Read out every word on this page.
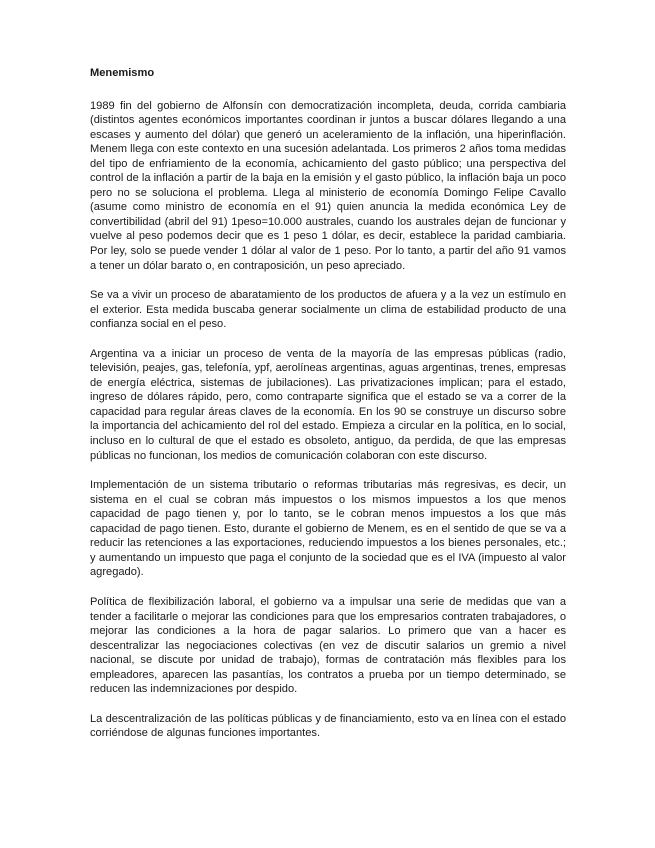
Menemismo

1989 fin del gobierno de Alfonsín con democratización incompleta, deuda, corrida cambiaria (distintos agentes económicos importantes coordinan ir juntos a buscar dólares llegando a una escases y aumento del dólar) que generó un aceleramiento de la inflación, una hiperinflación. Menem llega con este contexto en una sucesión adelantada. Los primeros 2 años toma medidas del tipo de enfriamiento de la economía, achicamiento del gasto público; una perspectiva del control de la inflación a partir de la baja en la emisión y el gasto público, la inflación baja un poco pero no se soluciona el problema. Llega al ministerio de economía Domingo Felipe Cavallo (asume como ministro de economía en el 91) quien anuncia la medida económica Ley de convertibilidad (abril del 91) 1peso=10.000 australes, cuando los australes dejan de funcionar y vuelve al peso podemos decir que es 1 peso 1 dólar, es decir, establece la paridad cambiaria. Por ley, solo se puede vender 1 dólar al valor de 1 peso. Por lo tanto, a partir del año 91 vamos a tener un dólar barato o, en contraposición, un peso apreciado.

Se va a vivir un proceso de abaratamiento de los productos de afuera y a la vez un estímulo en el exterior. Esta medida buscaba generar socialmente un clima de estabilidad producto de una confianza social en el peso.

Argentina va a iniciar un proceso de venta de la mayoría de las empresas públicas (radio, televisión, peajes, gas, telefonía, ypf, aerolíneas argentinas, aguas argentinas, trenes, empresas de energía eléctrica, sistemas de jubilaciones). Las privatizaciones implican; para el estado, ingreso de dólares rápido, pero, como contraparte significa que el estado se va a correr de la capacidad para regular áreas claves de la economía. En los 90 se construye un discurso sobre la importancia del achicamiento del rol del estado. Empieza a circular en la política, en lo social, incluso en lo cultural de que el estado es obsoleto, antiguo, da perdida, de que las empresas públicas no funcionan, los medios de comunicación colaboran con este discurso.

Implementación de un sistema tributario o reformas tributarias más regresivas, es decir, un sistema en el cual se cobran más impuestos o los mismos impuestos a los que menos capacidad de pago tienen y, por lo tanto, se le cobran menos impuestos a los que más capacidad de pago tienen. Esto, durante el gobierno de Menem, es en el sentido de que se va a reducir las retenciones a las exportaciones, reduciendo impuestos a los bienes personales, etc.; y aumentando un impuesto que paga el conjunto de la sociedad que es el IVA (impuesto al valor agregado).

Política de flexibilización laboral, el gobierno va a impulsar una serie de medidas que van a tender a facilitarle o mejorar las condiciones para que los empresarios contraten trabajadores, o mejorar las condiciones a la hora de pagar salarios. Lo primero que van a hacer es descentralizar las negociaciones colectivas (en vez de discutir salarios un gremio a nivel nacional, se discute por unidad de trabajo), formas de contratación más flexibles para los empleadores, aparecen las pasantías, los contratos a prueba por un tiempo determinado, se reducen las indemnizaciones por despido.

La descentralización de las políticas públicas y de financiamiento, esto va en línea con el estado corriéndose de algunas funciones importantes.
